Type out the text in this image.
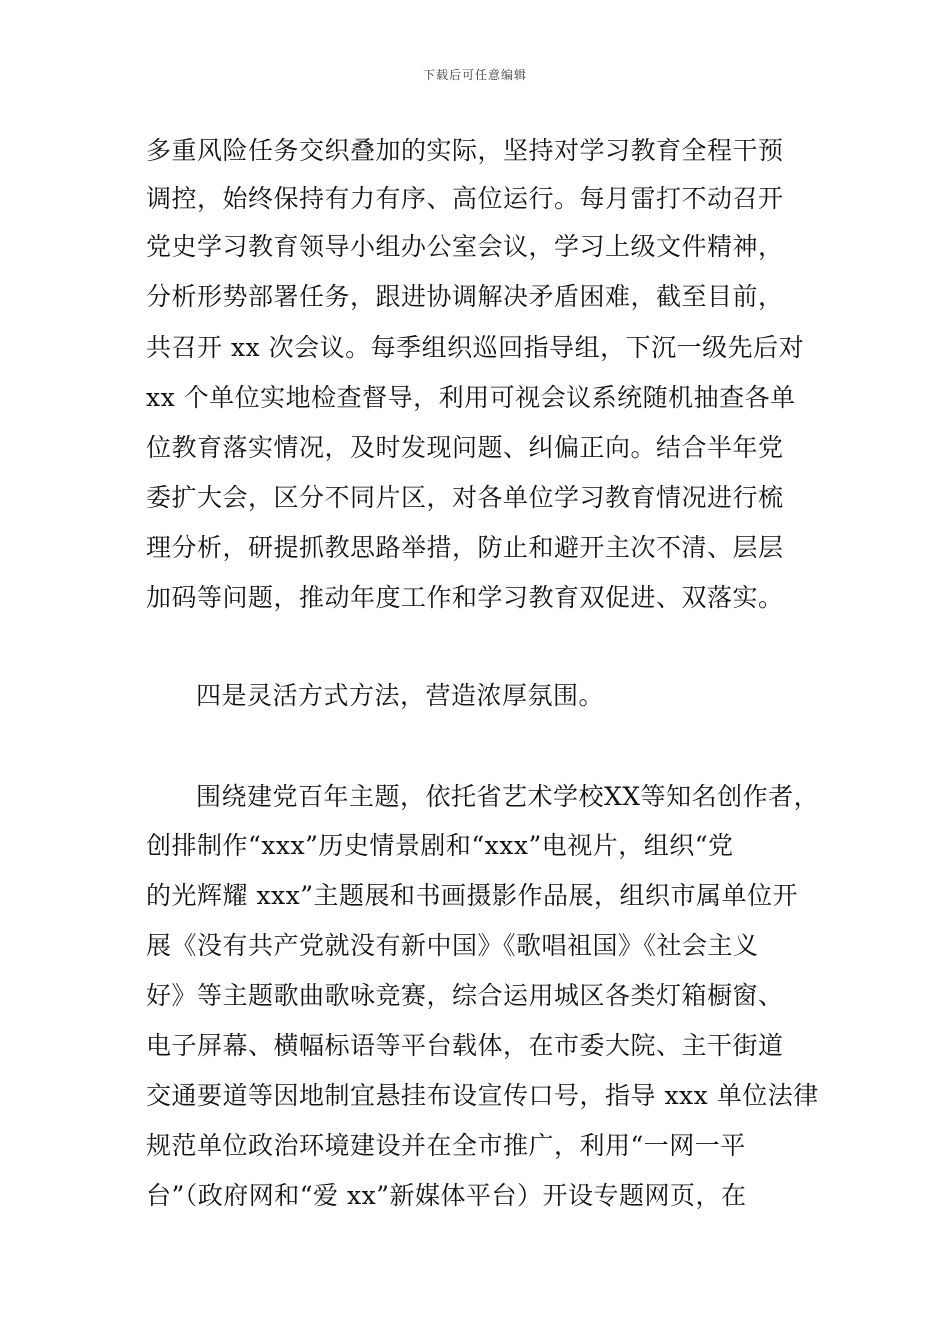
下载后可任意编辑
多重风险任务交织叠加的实际，坚持对学习教育全程干预
调控，始终保持有力有序、高位运行。每月雷打不动召开
党史学习教育领导小组办公室会议，学习上级文件精神，
分析形势部署任务，跟进协调解决矛盾困难，截至目前，
共召开 xx 次会议。每季组织巡回指导组，下沉一级先后对
xx 个单位实地检查督导，利用可视会议系统随机抽查各单
位教育落实情况，及时发现问题、纠偏正向。结合半年党
委扩大会，区分不同片区，对各单位学习教育情况进行梳
理分析，研提抓教思路举措，防止和避开主次不清、层层
加码等问题，推动年度工作和学习教育双促进、双落实。
四是灵活方式方法，营造浓厚氛围。
围绕建党百年主题，依托省艺术学校XX等知名创作者，
创排制作“xxx”历史情景剧和“xxx”电视片，组织“党
的光辉耀 xxx”主题展和书画摄影作品展，组织市属单位开
展《没有共产党就没有新中国》《歌唱祖国》《社会主义
好》等主题歌曲歌咏竞赛，综合运用城区各类灯箱橱窗、
电子屏幕、横幅标语等平台载体，在市委大院、主干街道
交通要道等因地制宜悬挂布设宣传口号，指导 xxx 单位法律
规范单位政治环境建设并在全市推广，利用“一网一平
台”（政府网和“爱 xx”新媒体平台）开设专题网页，在
